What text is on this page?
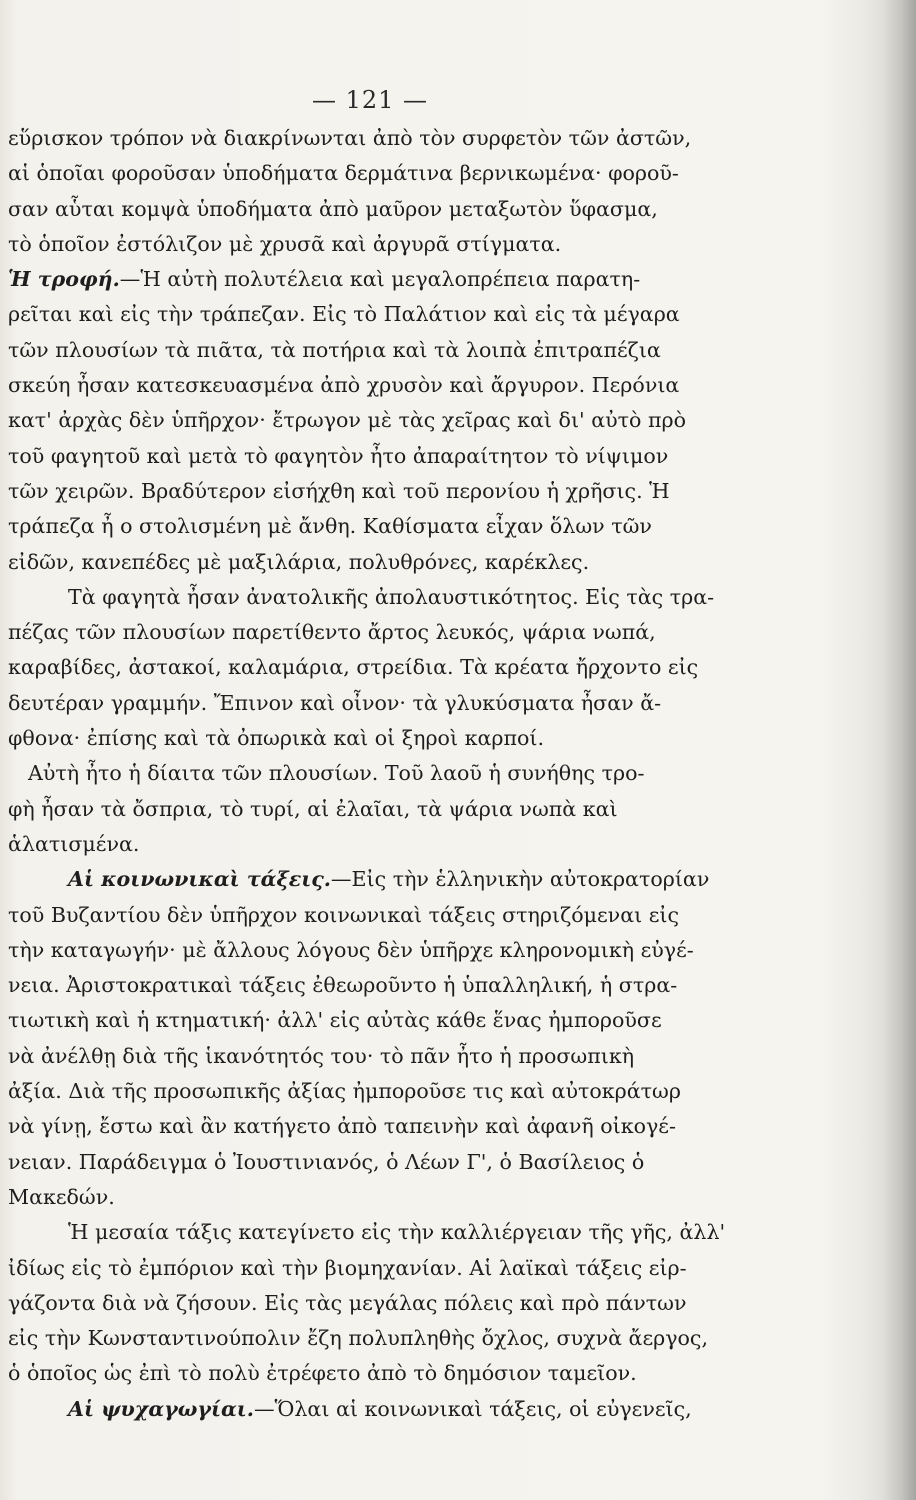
— 121 —
εὕρισκον τρόπον νὰ διακρίνωνται ἀπὸ τὸν συρφετὸν τῶν ἀστῶν,
αἱ ὁποῖαι φοροῦσαν ὑποδήματα δερμάτινα βερνικωμένα· φοροῦ-
σαν αὗται κομψὰ ὑποδήματα ἀπὸ μαῦρον μεταξωτὸν ὕφασμα,
τὸ ὁποῖον ἐστόλιζον μὲ χρυσᾶ καὶ ἀργυρᾶ στίγματα.
Ἡ τροφή.—Ἡ αὐτὴ πολυτέλεια καὶ μεγαλοπρέπεια παρατη-
ρεῖται καὶ εἰς τὴν τράπεζαν. Εἰς τὸ Παλάτιον καὶ εἰς τὰ μέγαρα
τῶν πλουσίων τὰ πιᾶτα, τὰ ποτήρια καὶ τὰ λοιπὰ ἐπιτραπέζια
σκεύη ἦσαν κατεσκευασμένα ἀπὸ χρυσὸν καὶ ἄργυρον. Περόνια
κατ' ἀρχὰς δὲν ὑπῆρχον· ἔτρωγον μὲ τὰς χεῖρας καὶ δι' αὐτὸ πρὸ
τοῦ φαγητοῦ καὶ μετὰ τὸ φαγητὸν ἦτο ἀπαραίτητον τὸ νίψιμον
τῶν χειρῶν. Βραδύτερον εἰσήχθη καὶ τοῦ περονίου ἡ χρῆσις. Ἡ
τράπεζα ἦ ο στολισμένη μὲ ἄνθη. Καθίσματα εἶχαν ὅλων τῶν
εἰδῶν, κανεπέδες μὲ μαξιλάρια, πολυθρόνες, καρέκλες.
Τὰ φαγητὰ ἦσαν ἀνατολικῆς ἀπολαυστικότητος. Εἰς τὰς τρα-
πέζας τῶν πλουσίων παρετίθεντο ἄρτος λευκός, ψάρια νωπά,
καραβίδες, ἀστακοί, καλαμάρια, στρείδια. Τὰ κρέατα ἤρχοντο εἰς
δευτέραν γραμμήν. Ἔπινον καὶ οἶνον· τὰ γλυκύσματα ἦσαν ἄ-
φθονα· ἐπίσης καὶ τὰ ὀπωρικὰ καὶ οἱ ξηροὶ καρποί.
Αὐτὴ ἦτο ἡ δίαιτα τῶν πλουσίων. Τοῦ λαοῦ ἡ συνήθης τρο-
φὴ ἦσαν τὰ ὄσπρια, τὸ τυρί, αἱ ἐλαῖαι, τὰ ψάρια νωπὰ καὶ
ἁλατισμένα.
Αἱ κοινωνικαὶ τάξεις.—Εἰς τὴν ἑλληνικὴν αὐτοκρατορίαν
τοῦ Βυζαντίου δὲν ὑπῆρχον κοινωνικαὶ τάξεις στηριζόμεναι εἰς
τὴν καταγωγήν· μὲ ἄλλους λόγους δὲν ὑπῆρχε κληρονομικὴ εὐγέ-
νεια. Ἀριστοκρατικαὶ τάξεις ἐθεωροῦντο ἡ ὑπαλληλική, ἡ στρα-
τιωτικὴ καὶ ἡ κτηματική· ἀλλ' εἰς αὐτὰς κάθε ἕνας ἠμποροῦσε
νὰ ἀνέλθῃ διὰ τῆς ἱκανότητός του· τὸ πᾶν ἦτο ἡ προσωπικὴ
ἀξία. Διὰ τῆς προσωπικῆς ἀξίας ἠμποροῦσε τις καὶ αὐτοκράτωρ
νὰ γίνῃ, ἔστω καὶ ἂν κατήγετο ἀπὸ ταπεινὴν καὶ ἀφανῆ οἰκογέ-
νειαν. Παράδειγμα ὁ Ἰουστινιανός, ὁ Λέων Γ', ὁ Βασίλειος ὁ
Μακεδών.
Ἡ μεσαία τάξις κατεγίνετο εἰς τὴν καλλιέργειαν τῆς γῆς, ἀλλ'
ἰδίως εἰς τὸ ἐμπόριον καὶ τὴν βιομηχανίαν. Αἱ λαϊκαὶ τάξεις εἰρ-
γάζοντα διὰ νὰ ζήσουν. Εἰς τὰς μεγάλας πόλεις καὶ πρὸ πάντων
εἰς τὴν Κωνσταντινούπολιν ἔζη πολυπληθὴς ὄχλος, συχνὰ ἄεργος,
ὁ ὁποῖος ὡς ἐπὶ τὸ πολὺ ἐτρέφετο ἀπὸ τὸ δημόσιον ταμεῖον.
Αἱ ψυχαγωγίαι.—Ὅλαι αἱ κοινωνικαὶ τάξεις, οἱ εὐγενεῖς,
